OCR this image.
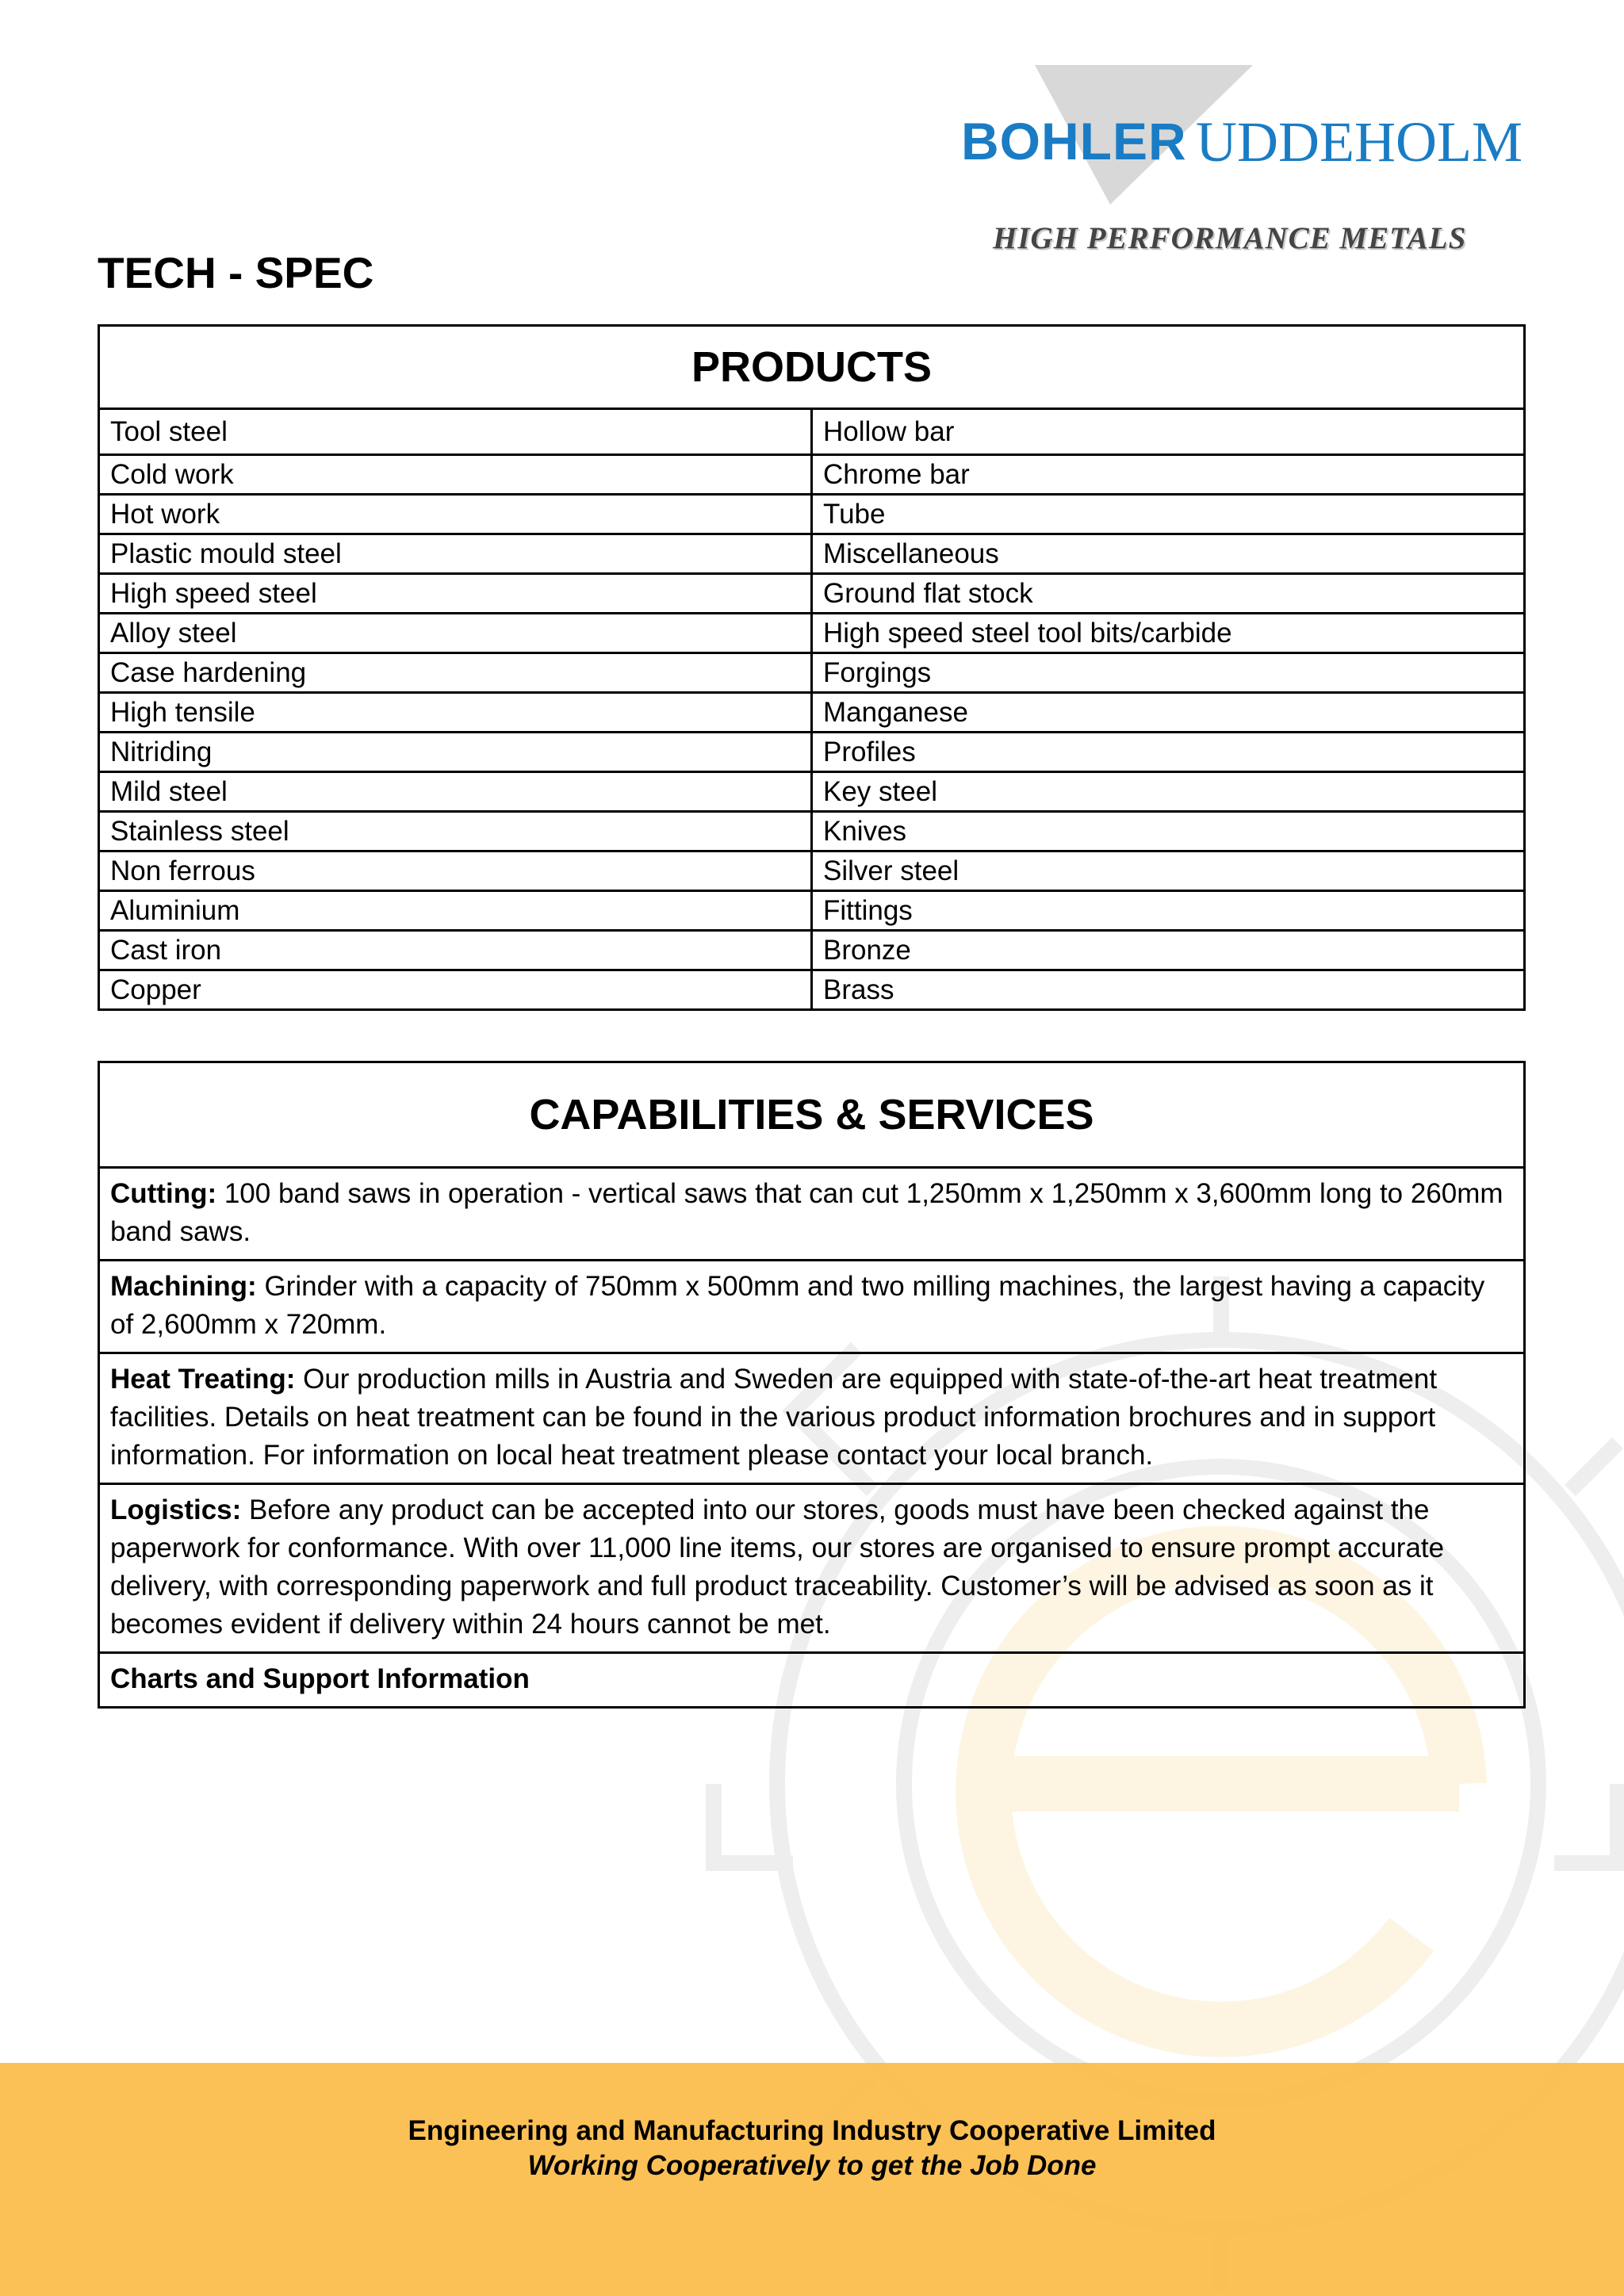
BOHLER UDDEHOLM
HIGH PERFORMANCE METALS
TECH - SPEC
PRODUCTS	
Tool steel	Hollow bar
Cold work	Chrome bar
Hot work	Tube
Plastic mould steel	Miscellaneous
High speed steel	Ground flat stock
Alloy steel	High speed steel tool bits/carbide
Case hardening	Forgings
High tensile	Manganese
Nitriding	Profiles
Mild steel	Key steel
Stainless steel	Knives
Non ferrous	Silver steel
Aluminium	Fittings
Cast iron	Bronze
Copper	Brass
CAPABILITIES & SERVICES
Cutting: 100 band saws in operation - vertical saws that can cut 1,250mm x 1,250mm x 3,600mm long to 260mm band saws.
Machining: Grinder with a capacity of 750mm x 500mm and two milling machines, the largest having a capacity of 2,600mm x 720mm.
Heat Treating: Our production mills in Austria and Sweden are equipped with state-of-the-art heat treatment facilities. Details on heat treatment can be found in the various product information brochures and in support information. For information on local heat treatment please contact your local branch.
Logistics: Before any product can be accepted into our stores, goods must have been checked against the paperwork for conformance. With over 11,000 line items, our stores are organised to ensure prompt accurate delivery, with corresponding paperwork and full product traceability. Customer’s will be advised as soon as it becomes evident if delivery within 24 hours cannot be met.
Charts and Support Information
Engineering and Manufacturing Industry Cooperative Limited
Working Cooperatively to get the Job Done
